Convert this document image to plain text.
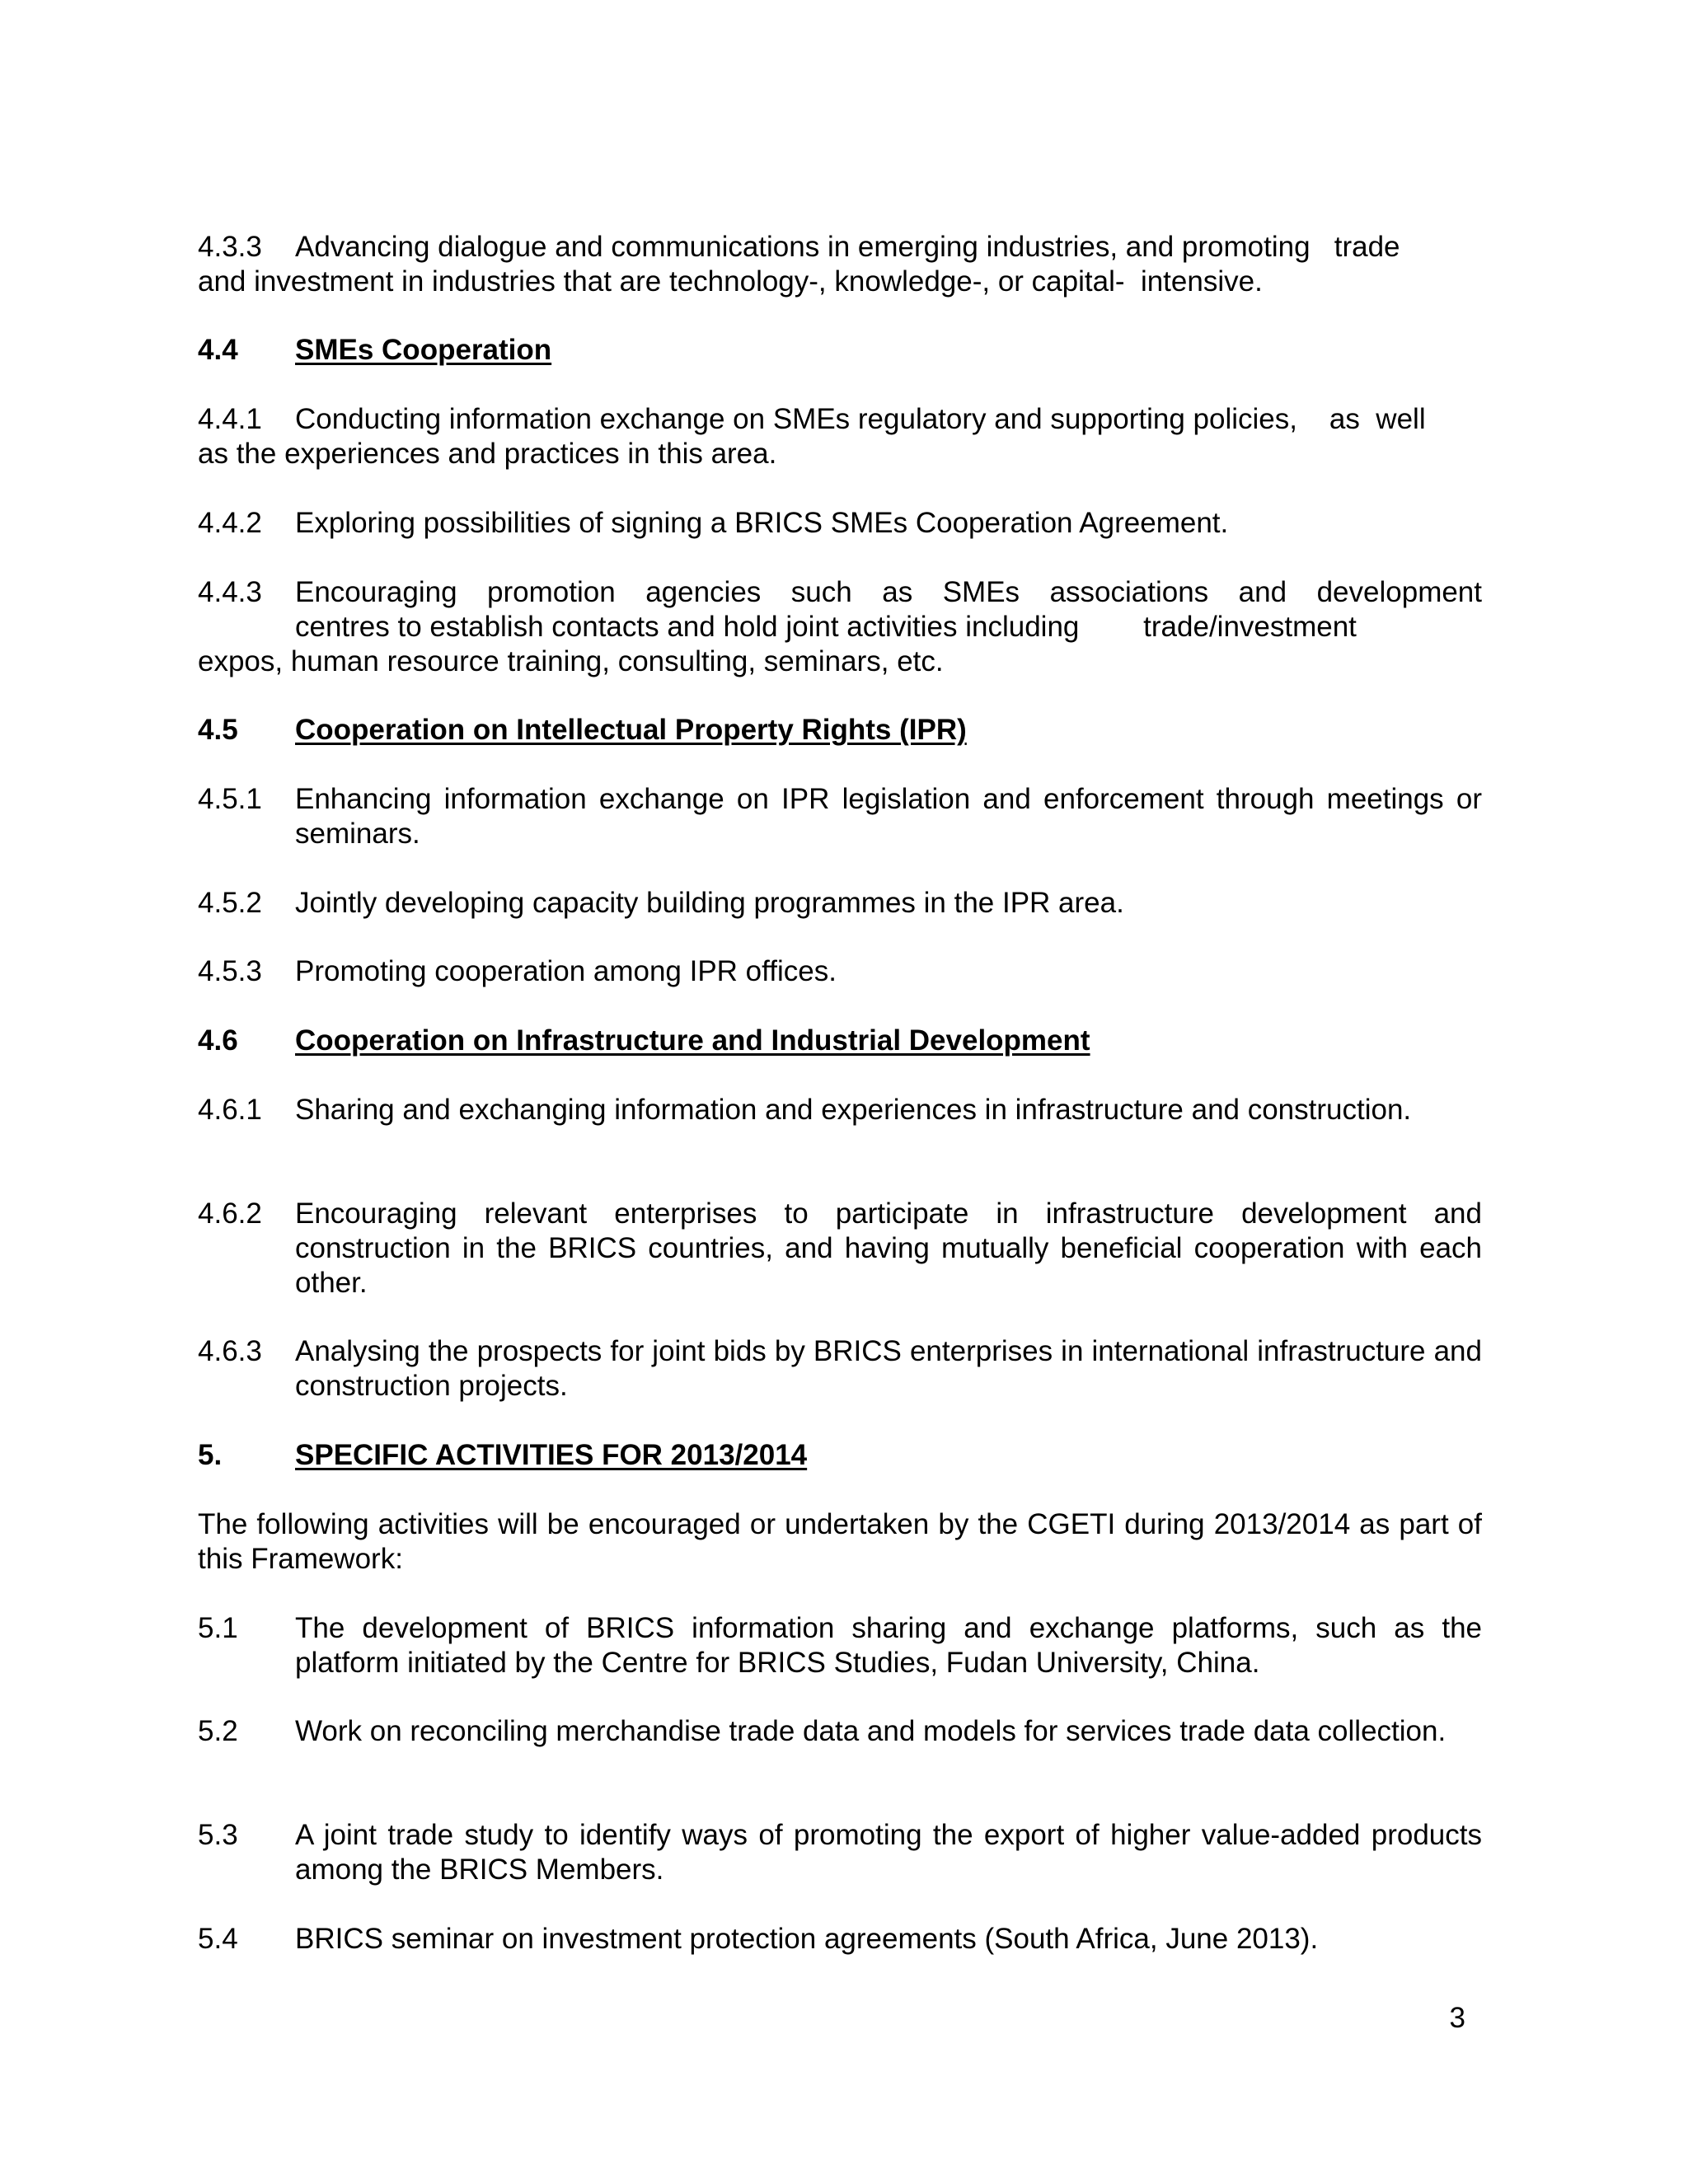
4.3.3 Advancing dialogue and communications in emerging industries, and promoting   trade
and investment in industries that are technology-, knowledge-, or capital-  intensive.
4.4 SMEs Cooperation
4.4.1 Conducting information exchange on SMEs regulatory and supporting policies,    as  well
as the experiences and practices in this area.
4.4.2 Exploring possibilities of signing a BRICS SMEs Cooperation Agreement.
4.4.3 Encouraging promotion agencies such as SMEs associations and development
centres to establish contacts and hold joint activities including        trade/investment
expos, human resource training, consulting, seminars, etc.
4.5 Cooperation on Intellectual Property Rights (IPR)
4.5.1 Enhancing information exchange on IPR legislation and enforcement through meetings or seminars.
4.5.2 Jointly developing capacity building programmes in the IPR area.
4.5.3 Promoting cooperation among IPR offices.
4.6 Cooperation on Infrastructure and Industrial Development
4.6.1 Sharing and exchanging information and experiences in infrastructure and construction.
4.6.2 Encouraging relevant enterprises to participate in infrastructure development and construction in the BRICS countries, and having mutually beneficial cooperation with each other.
4.6.3 Analysing the prospects for joint bids by BRICS enterprises in international infrastructure and construction projects.
5.	SPECIFIC ACTIVITIES FOR 2013/2014
The following activities will be encouraged or undertaken by the CGETI during 2013/2014 as part of this Framework:
5.1 The development of BRICS information sharing and exchange platforms, such as the platform initiated by the Centre for BRICS Studies, Fudan University, China.
5.2 Work on reconciling merchandise trade data and models for services trade data collection.
5.3 A joint trade study to identify ways of promoting the export of higher value-added products among the BRICS Members.
5.4 BRICS seminar on investment protection agreements (South Africa, June 2013).
3
